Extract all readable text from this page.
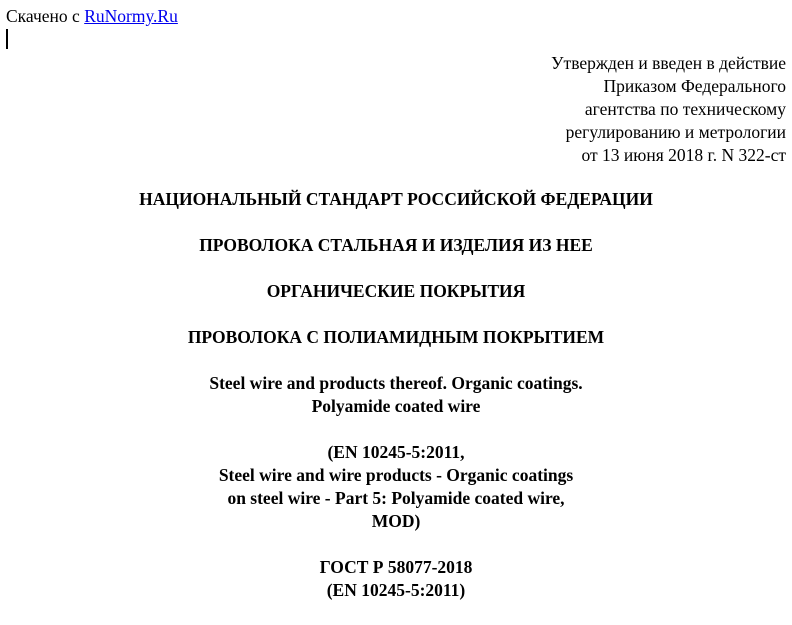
Скачено с RuNormy.Ru
Утвержден и введен в действие
Приказом Федерального
агентства по техническому
регулированию и метрологии
от 13 июня 2018 г. N 322-ст
НАЦИОНАЛЬНЫЙ СТАНДАРТ РОССИЙСКОЙ ФЕДЕРАЦИИ
ПРОВОЛОКА СТАЛЬНАЯ И ИЗДЕЛИЯ ИЗ НЕЕ
ОРГАНИЧЕСКИЕ ПОКРЫТИЯ
ПРОВОЛОКА С ПОЛИАМИДНЫМ ПОКРЫТИЕМ
Steel wire and products thereof. Organic coatings.
Polyamide coated wire
(EN 10245-5:2011,
Steel wire and wire products - Organic coatings
on steel wire - Part 5: Polyamide coated wire,
MOD)
ГОСТ Р 58077-2018
(EN 10245-5:2011)
